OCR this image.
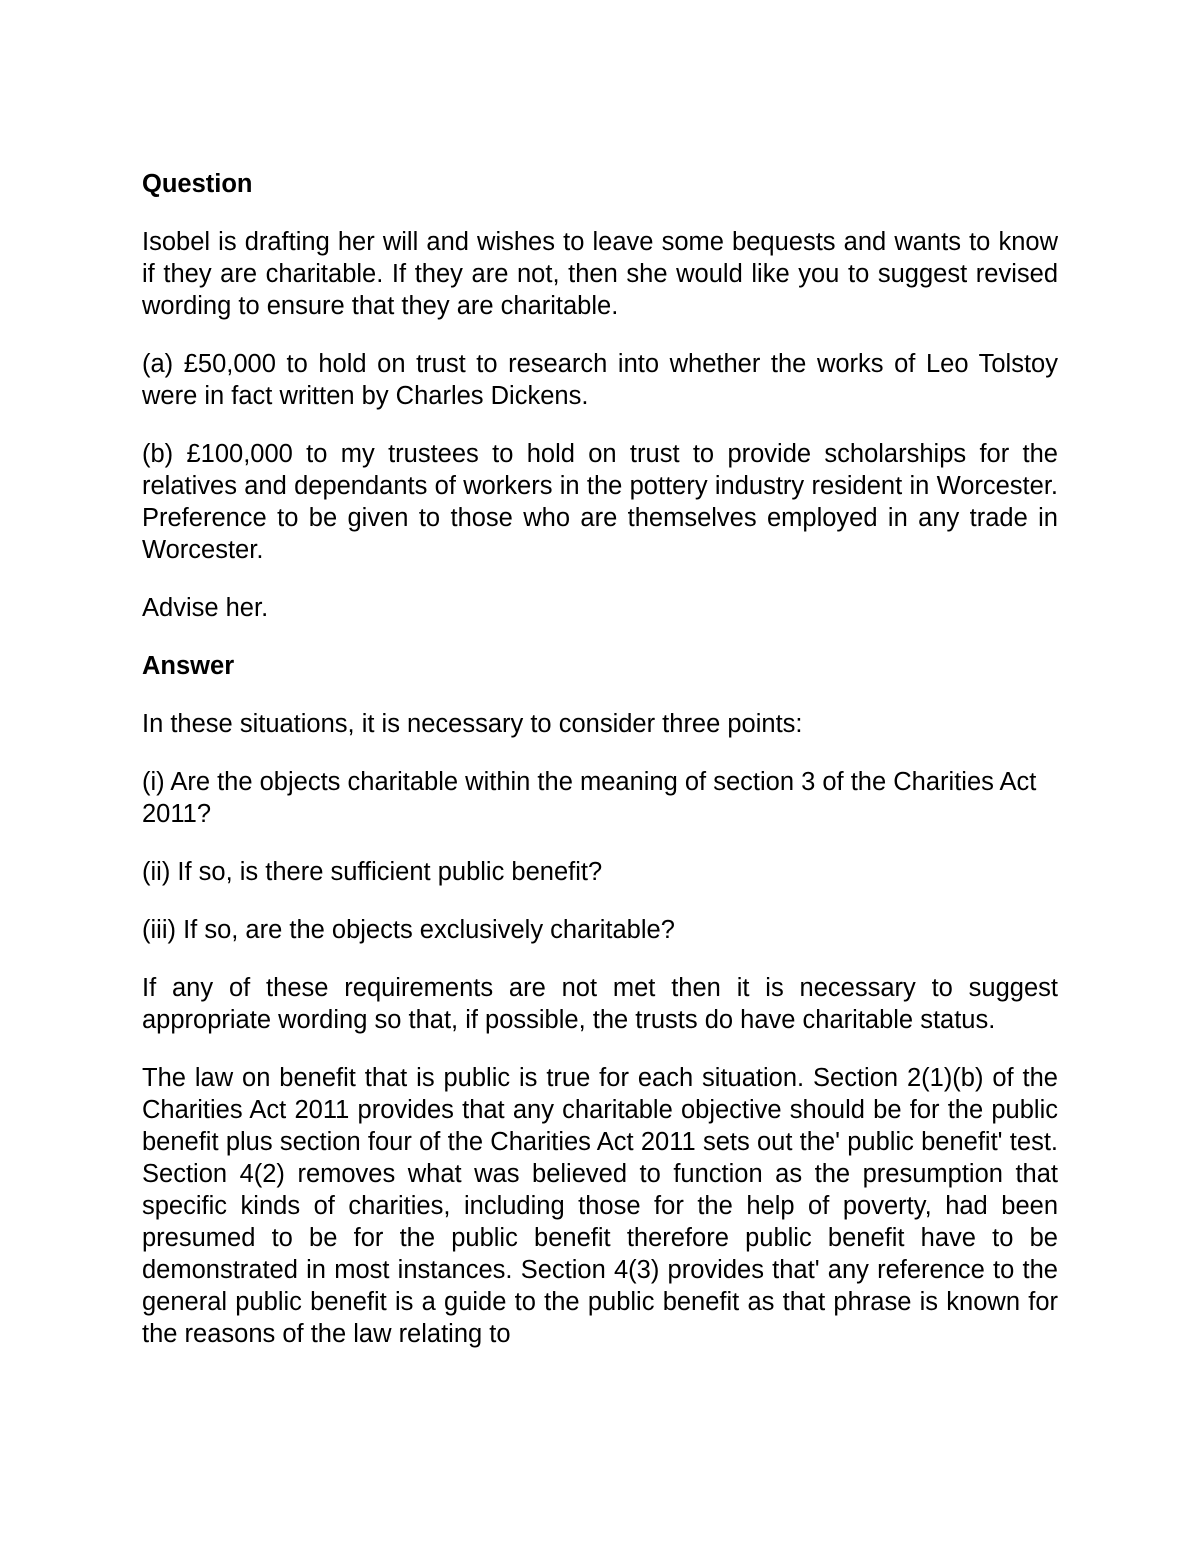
Question
Isobel is drafting her will and wishes to leave some bequests and wants to know if they are charitable. If they are not, then she would like you to suggest revised wording to ensure that they are charitable.
(a) £50,000 to hold on trust to research into whether the works of Leo Tolstoy were in fact written by Charles Dickens.
(b) £100,000 to my trustees to hold on trust to provide scholarships for the relatives and dependants of workers in the pottery industry resident in Worcester. Preference to be given to those who are themselves employed in any trade in Worcester.
Advise her.
Answer
In these situations, it is necessary to consider three points:
(i) Are the objects charitable within the meaning of section 3 of the Charities Act 2011?
(ii) If so, is there sufficient public benefit?
(iii) If so, are the objects exclusively charitable?
If any of these requirements are not met then it is necessary to suggest appropriate wording so that, if possible, the trusts do have charitable status.
The law on benefit that is public is true for each situation. Section 2(1)(b) of the Charities Act 2011 provides that any charitable objective should be for the public benefit plus section four of the Charities Act 2011 sets out the' public benefit' test. Section 4(2) removes what was believed to function as the presumption that specific kinds of charities, including those for the help of poverty, had been presumed to be for the public benefit therefore public benefit have to be demonstrated in most instances. Section 4(3) provides that' any reference to the general public benefit is a guide to the public benefit as that phrase is known for the reasons of the law relating to
